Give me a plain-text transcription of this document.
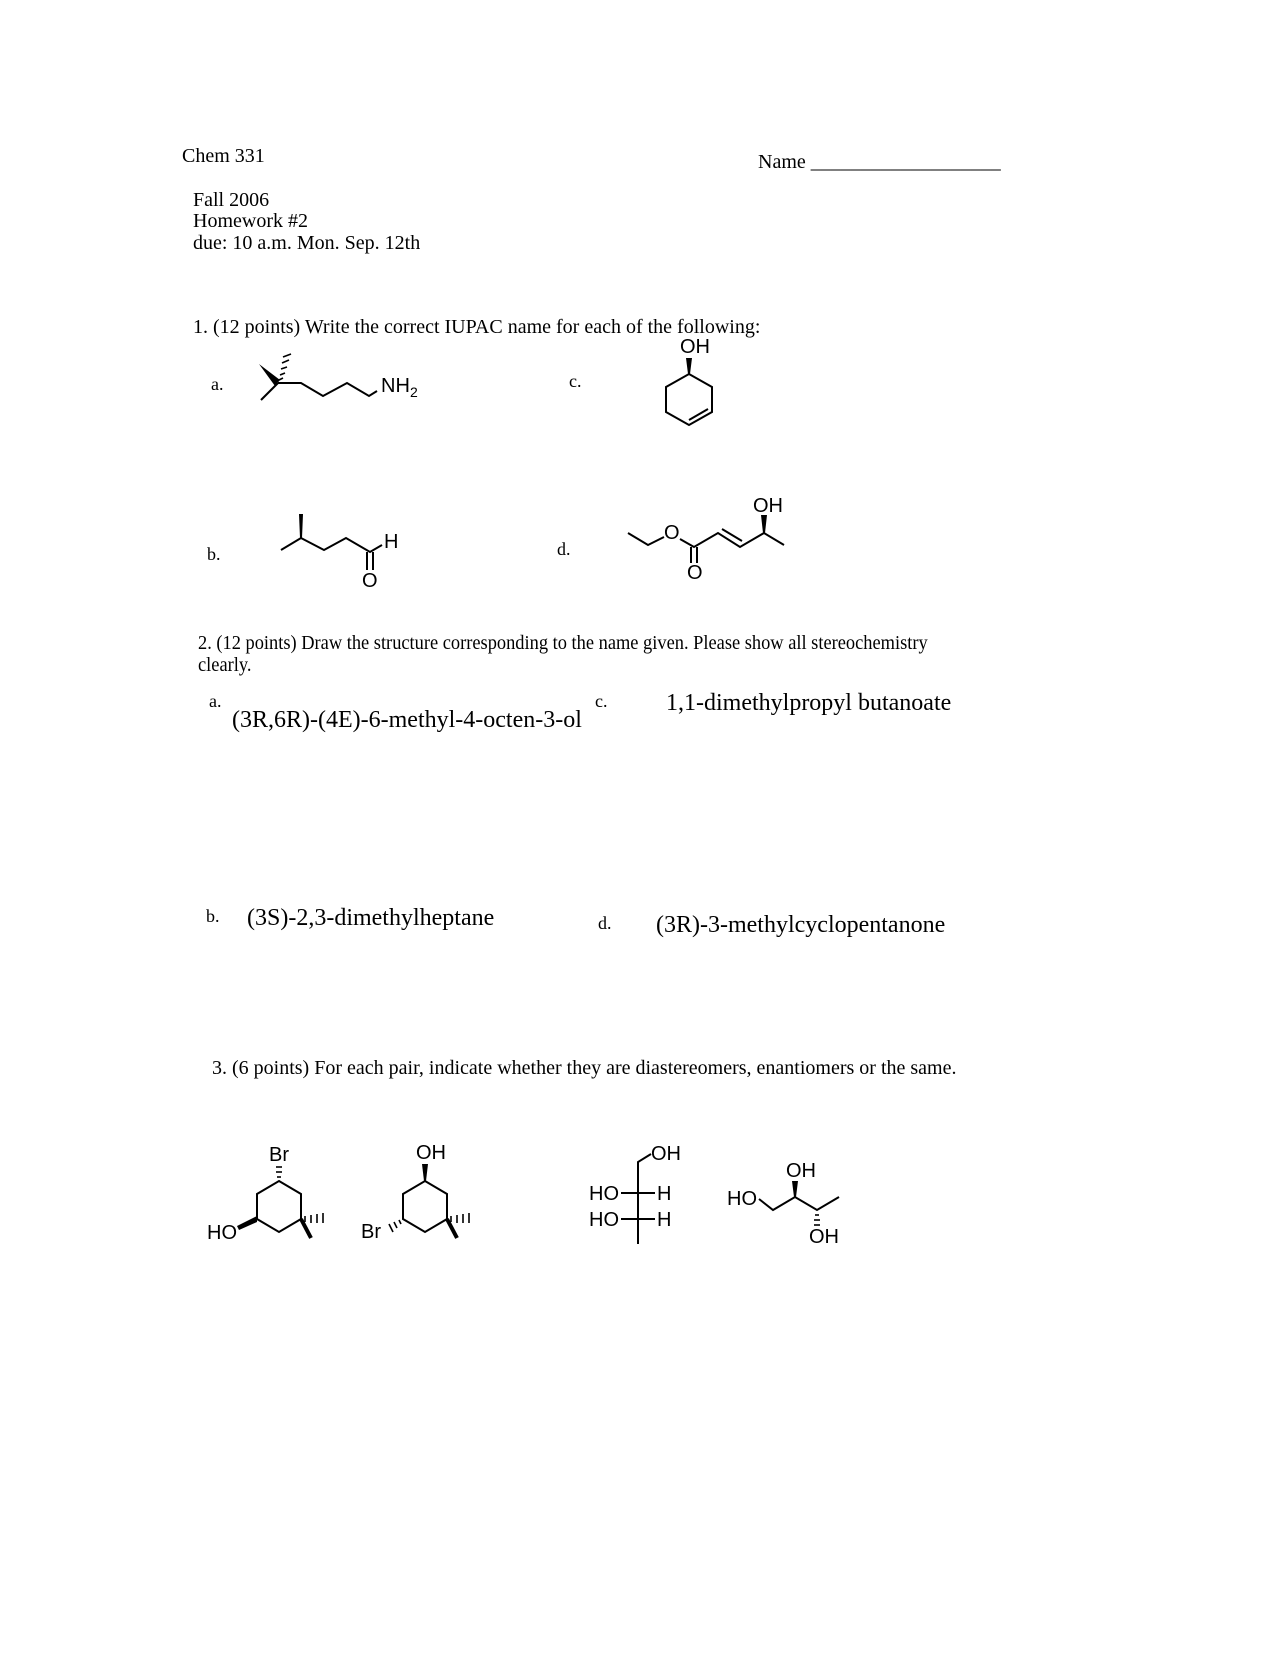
Chem 331	Name ___________________
Fall 2006
Homework #2
due: 10 a.m. Mon. Sep. 12th
1. (12 points) Write the correct IUPAC name for each of the following:
a.	NH 2
c.
OH
b.
H
O
d.
O
O
OH
2. (12 points) Draw the structure corresponding to the name given. Please show all stereochemistry
clearly.
a.
(3R,6R)-(4E)-6-methyl-4-octen-3-ol
c. 1,1-dimethylpropyl butanoate
b. (3S)-2,3-dimethylheptane	d. (3R)-3-methylcyclopentanone
3. (6 points) For each pair, indicate whether they are diastereomers, enantiomers or the same.
Br
HO
OH
Br
OH
HO H
HO H
HO
OH
OH
